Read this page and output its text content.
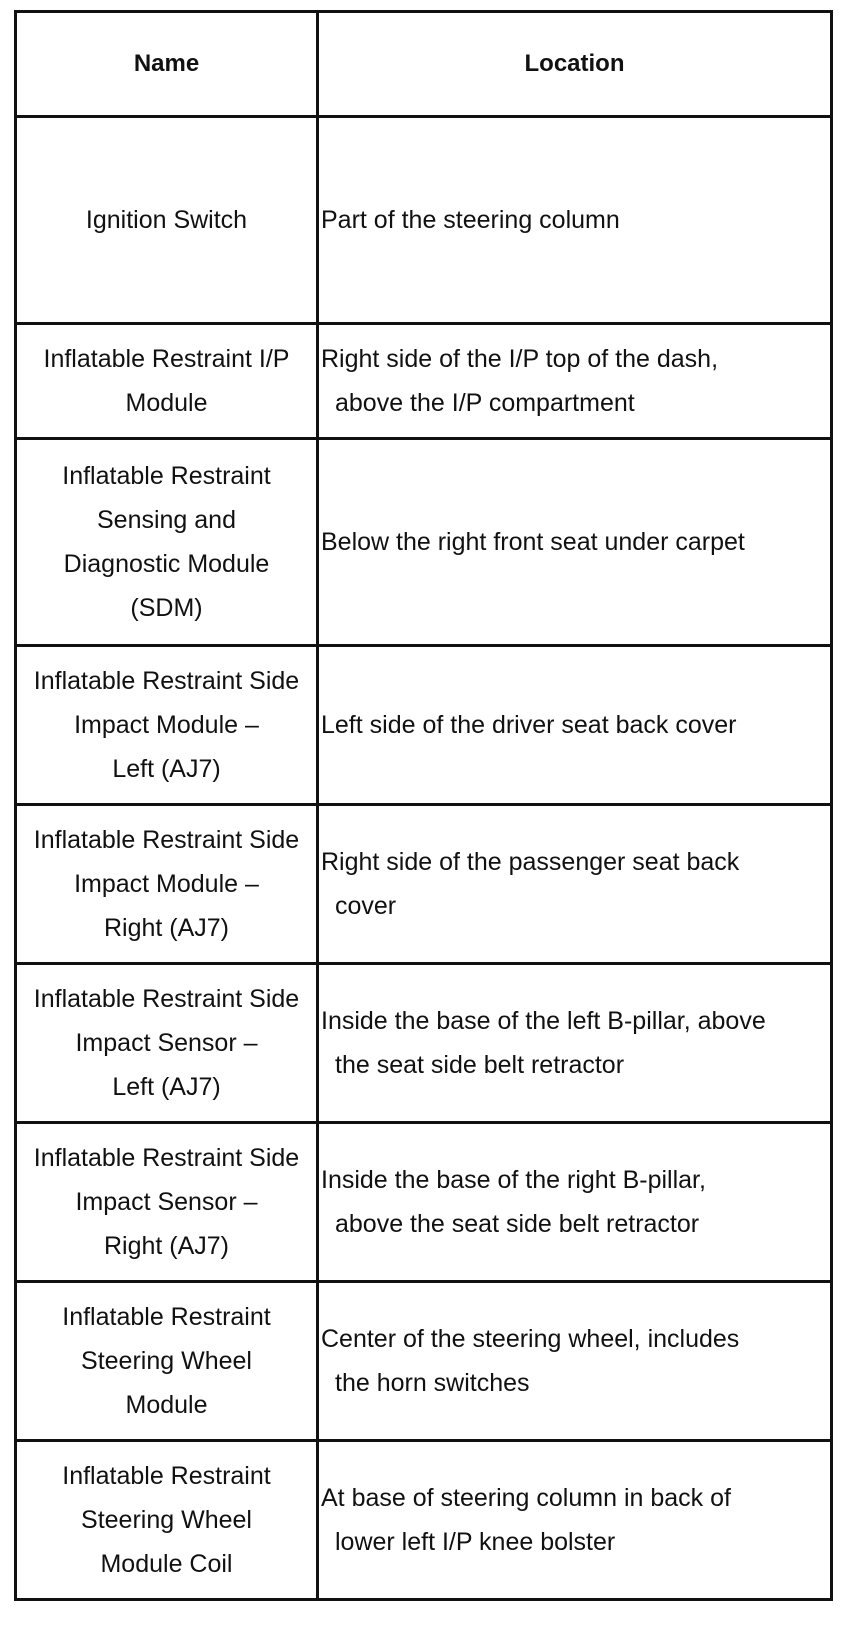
Name	Location

Ignition Switch	Part of the steering column

Inflatable Restraint I/P
Module	Right side of the I/P top of the dash,
above the I/P compartment

Inflatable Restraint
Sensing and
Diagnostic Module
(SDM)	Below the right front seat under carpet

Inflatable Restraint Side
Impact Module –
Left (AJ7)	Left side of the driver seat back cover

Inflatable Restraint Side
Impact Module –
Right (AJ7)	Right side of the passenger seat back
cover

Inflatable Restraint Side
Impact Sensor –
Left (AJ7)	Inside the base of the left B-pillar, above
the seat side belt retractor

Inflatable Restraint Side
Impact Sensor –
Right (AJ7)	Inside the base of the right B-pillar,
above the seat side belt retractor

Inflatable Restraint
Steering Wheel
Module	Center of the steering wheel, includes
the horn switches

Inflatable Restraint
Steering Wheel
Module Coil	At base of steering column in back of
lower left I/P knee bolster
